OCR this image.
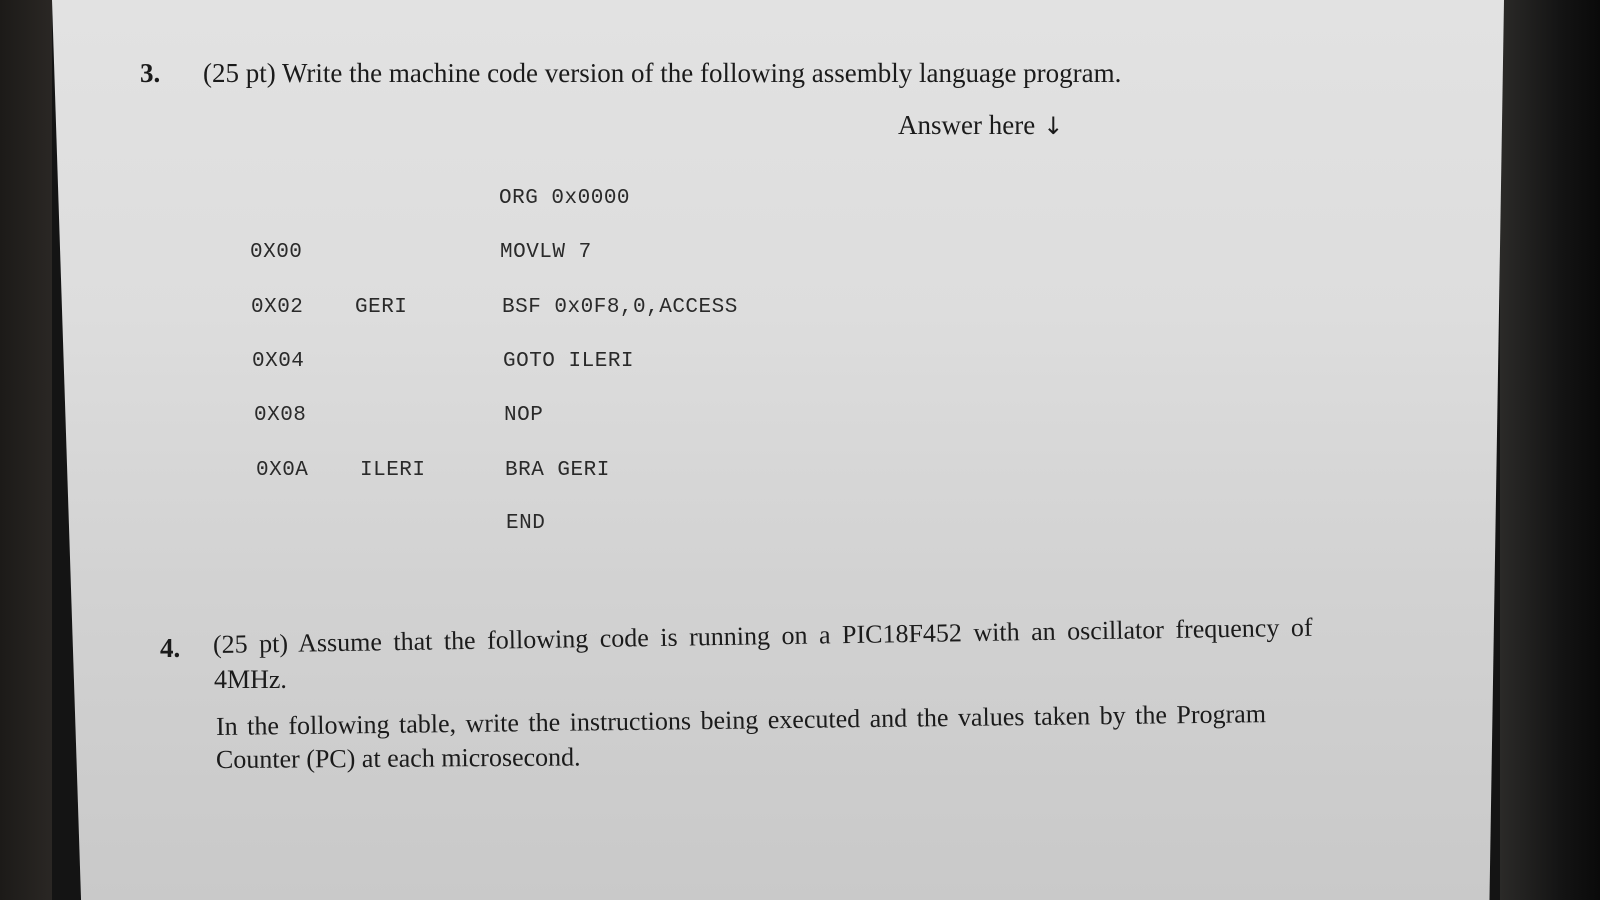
3. (25 pt) Write the machine code version of the following assembly language program.
Answer here ↓
ORG 0x0000
0X00	MOVLW 7
0X02 GERI	BSF 0x0F8,0,ACCESS
0X04	GOTO ILERI
0X08	NOP
0X0A ILERI	BRA GERI
END
4. (25 pt) Assume that the following code is running on a PIC18F452 with an oscillator frequency of
4MHz.
In the following table, write the instructions being executed and the values taken by the Program
Counter (PC) at each microsecond.
